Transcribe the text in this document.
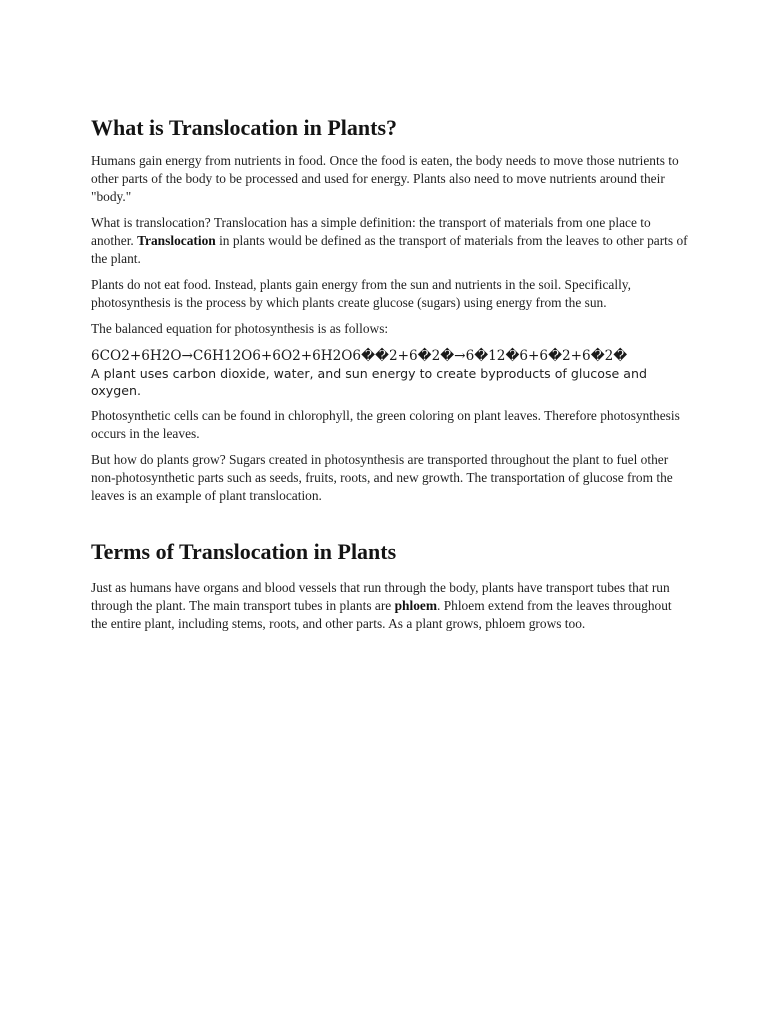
What is Translocation in Plants?

Humans gain energy from nutrients in food. Once the food is eaten, the body needs to move those nutrients to other parts of the body to be processed and used for energy. Plants also need to move nutrients around their "body."

What is translocation? Translocation has a simple definition: the transport of materials from one place to another. Translocation in plants would be defined as the transport of materials from the leaves to other parts of the plant.

Plants do not eat food. Instead, plants gain energy from the sun and nutrients in the soil. Specifically, photosynthesis is the process by which plants create glucose (sugars) using energy from the sun.

The balanced equation for photosynthesis is as follows:

6CO2+6H2O→C6H12O6+6O2+6H2O6��2+6�2�→6�12�6+6�2+6�2�

A plant uses carbon dioxide, water, and sun energy to create byproducts of glucose and oxygen.

Photosynthetic cells can be found in chlorophyll, the green coloring on plant leaves. Therefore photosynthesis occurs in the leaves.

But how do plants grow? Sugars created in photosynthesis are transported throughout the plant to fuel other non-photosynthetic parts such as seeds, fruits, roots, and new growth. The transportation of glucose from the leaves is an example of plant translocation.

Terms of Translocation in Plants

Just as humans have organs and blood vessels that run through the body, plants have transport tubes that run through the plant. The main transport tubes in plants are phloem. Phloem extend from the leaves throughout the entire plant, including stems, roots, and other parts. As a plant grows, phloem grows too.
